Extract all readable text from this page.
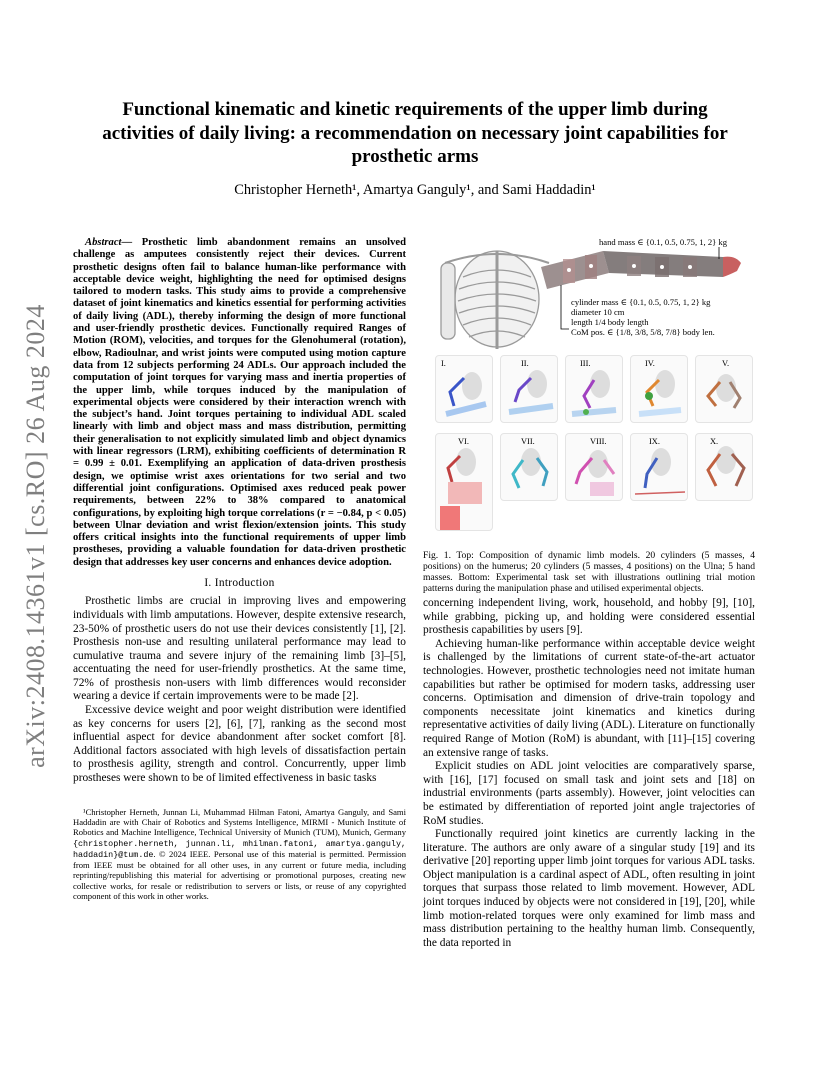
arXiv:2408.14361v1 [cs.RO] 26 Aug 2024
Functional kinematic and kinetic requirements of the upper limb during activities of daily living: a recommendation on necessary joint capabilities for prosthetic arms
Christopher Herneth¹, Amartya Ganguly¹, and Sami Haddadin¹

Abstract— Prosthetic limb abandonment remains an unsolved challenge as amputees consistently reject their devices. Current prosthetic designs often fail to balance human-like performance with acceptable device weight, highlighting the need for optimised designs tailored to modern tasks. This study aims to provide a comprehensive dataset of joint kinematics and kinetics essential for performing activities of daily living (ADL), thereby informing the design of more functional and user-friendly prosthetic devices. Functionally required Ranges of Motion (ROM), velocities, and torques for the Glenohumeral (rotation), elbow, Radioulnar, and wrist joints were computed using motion capture data from 12 subjects performing 24 ADLs. Our approach included the computation of joint torques for varying mass and inertia properties of the upper limb, while torques induced by the manipulation of experimental objects were considered by their interaction wrench with the subject’s hand. Joint torques pertaining to individual ADL scaled linearly with limb and object mass and mass distribution, permitting their generalisation to not explicitly simulated limb and object dynamics with linear regressors (LRM), exhibiting coefficients of determination R = 0.99 ± 0.01. Exemplifying an application of data-driven prosthesis design, we optimise wrist axes orientations for two serial and two differential joint configurations. Optimised axes reduced peak power requirements, between 22% to 38% compared to anatomical configurations, by exploiting high torque correlations (r = −0.84, p < 0.05) between Ulnar deviation and wrist flexion/extension joints. This study offers critical insights into the functional requirements of upper limb prostheses, providing a valuable foundation for data-driven prosthetic design that addresses key user concerns and enhances device adoption.

I. Introduction

Prosthetic limbs are crucial in improving lives and empowering individuals with limb amputations. However, despite extensive research, 23-50% of prosthetic users do not use their devices consistently [1], [2]. Prosthesis non-use and resulting unilateral performance may lead to cumulative trauma and severe injury of the remaining limb [3]–[5], accentuating the need for user-friendly prosthetics. At the same time, 72% of prosthesis non-users with limb differences would reconsider wearing a device if certain improvements were to be made [2].

Excessive device weight and poor weight distribution were identified as key concerns for users [2], [6], [7], ranking as the second most influential aspect for device abandonment after socket comfort [8]. Additional factors associated with high levels of dissatisfaction pertain to prosthesis agility, strength and control. Concurrently, upper limb prostheses were shown to be of limited effectiveness in basic tasks

¹Christopher Herneth, Junnan Li, Muhammad Hilman Fatoni, Amartya Ganguly, and Sami Haddadin are with Chair of Robotics and Systems Intelligence, MIRMI - Munich Institute of Robotics and Machine Intelligence, Technical University of Munich (TUM), Munich, Germany {christopher.herneth, junnan.li, mhilman.fatoni, amartya.ganguly, haddadin}@tum.de. © 2024 IEEE. Personal use of this material is permitted. Permission from IEEE must be obtained for all other uses, in any current or future media, including reprinting/republishing this material for advertising or promotional purposes, creating new collective works, for resale or redistribution to servers or lists, or reuse of any copyrighted component of this work in other works.

hand mass ∈ {0.1, 0.5, 0.75, 1, 2} kg
cylinder mass ∈ {0.1, 0.5, 0.75, 1, 2} kg
diameter 10 cm
length 1/4 body length
CoM pos. ∈ {1/8, 3/8, 5/8, 7/8} body len.
I.	II.	III.	IV.	V.
VI.	VII.	VIII.	IX.	X.

Fig. 1. Top: Composition of dynamic limb models. 20 cylinders (5 masses, 4 positions) on the humerus; 20 cylinders (5 masses, 4 positions) on the Ulna; 5 hand masses. Bottom: Experimental task set with illustrations outlining trial motion patterns during the manipulation phase and utilised experimental objects.

concerning independent living, work, household, and hobby [9], [10], while grabbing, picking up, and holding were considered essential prosthesis capabilities by users [9].

Achieving human-like performance within acceptable device weight is challenged by the limitations of current state-of-the-art actuator technologies. However, prosthetic technologies need not imitate human capabilities but rather be optimised for modern tasks, addressing user concerns. Optimisation and dimension of drive-train topology and components necessitate joint kinematics and kinetics during representative activities of daily living (ADL). Literature on functionally required Range of Motion (RoM) is abundant, with [11]–[15] covering an extensive range of tasks.

Explicit studies on ADL joint velocities are comparatively sparse, with [16], [17] focused on small task and joint sets and [18] on industrial environments (parts assembly). However, joint velocities can be estimated by differentiation of reported joint angle trajectories of RoM studies.

Functionally required joint kinetics are currently lacking in the literature. The authors are only aware of a singular study [19] and its derivative [20] reporting upper limb joint torques for various ADL tasks. Object manipulation is a cardinal aspect of ADL, often resulting in joint torques that surpass those related to limb movement. However, ADL joint torques induced by objects were not considered in [19], [20], while limb motion-related torques were only examined for limb mass and mass distribution pertaining to the healthy human limb. Consequently, the data reported in
